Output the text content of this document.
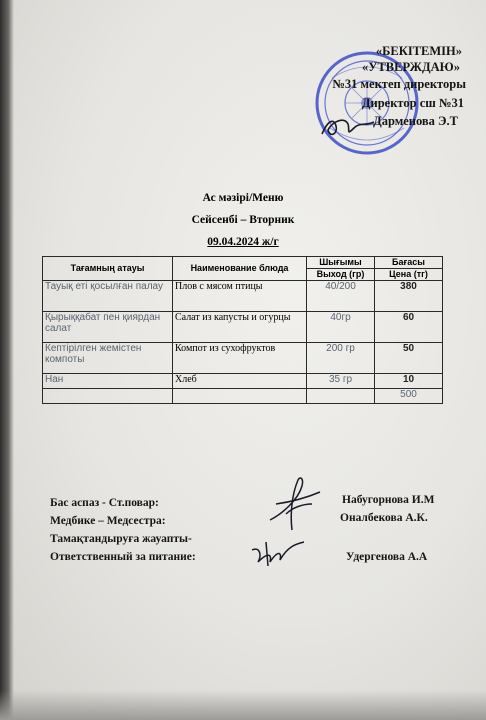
«БЕКІТЕМІН»
«УТВЕРЖДАЮ»
№31 мектеп директоры
Директор сш №31
Дарменова Э.Т
Ас мәзірі/Меню
Сейсенбі – Вторник
09.04.2024 ж/г
Тағамның атауы	Наименование блюда	Шығымы	Бағасы
		Выход (гр)	Цена (тг)
Тауық еті қосылған палау	Плов с мясом птицы	40/200	380
Қырыққабат пен қиярдан салат	Салат из капусты и огурцы	40гр	60
Кептірілген жемістен компоты	Компот из сухофруктов	200 гр	50
Нан	Хлеб	35 гр	10
			500
Бас аспаз - Ст.повар:
Медбике – Медсестра:
Тамақтандыруға жауапты-
Ответственный за питание:
Набугорнова И.М
Оналбекова А.К.
Удергенова А.А
